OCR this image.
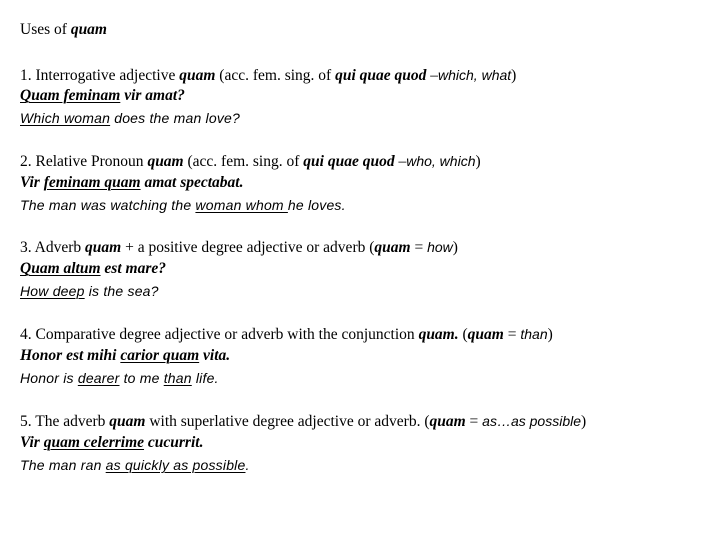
Uses of quam
1. Interrogative adjective quam (acc. fem. sing. of qui quae quod –which, what)
Quam feminam vir amat?
Which woman does the man love?
2. Relative Pronoun quam (acc. fem. sing. of qui quae quod –who, which)
Vir feminam quam amat spectabat.
The man was watching the woman whom he loves.
3. Adverb quam + a positive degree adjective or adverb (quam = how)
Quam altum est mare?
How deep is the sea?
4. Comparative degree adjective or adverb with the conjunction quam. (quam = than)
Honor est mihi carior quam vita.
Honor is dearer to me than life.
5. The adverb quam with superlative degree adjective or adverb. (quam = as…as possible)
Vir quam celerrime cucurrit.
The man ran as quickly as possible.
